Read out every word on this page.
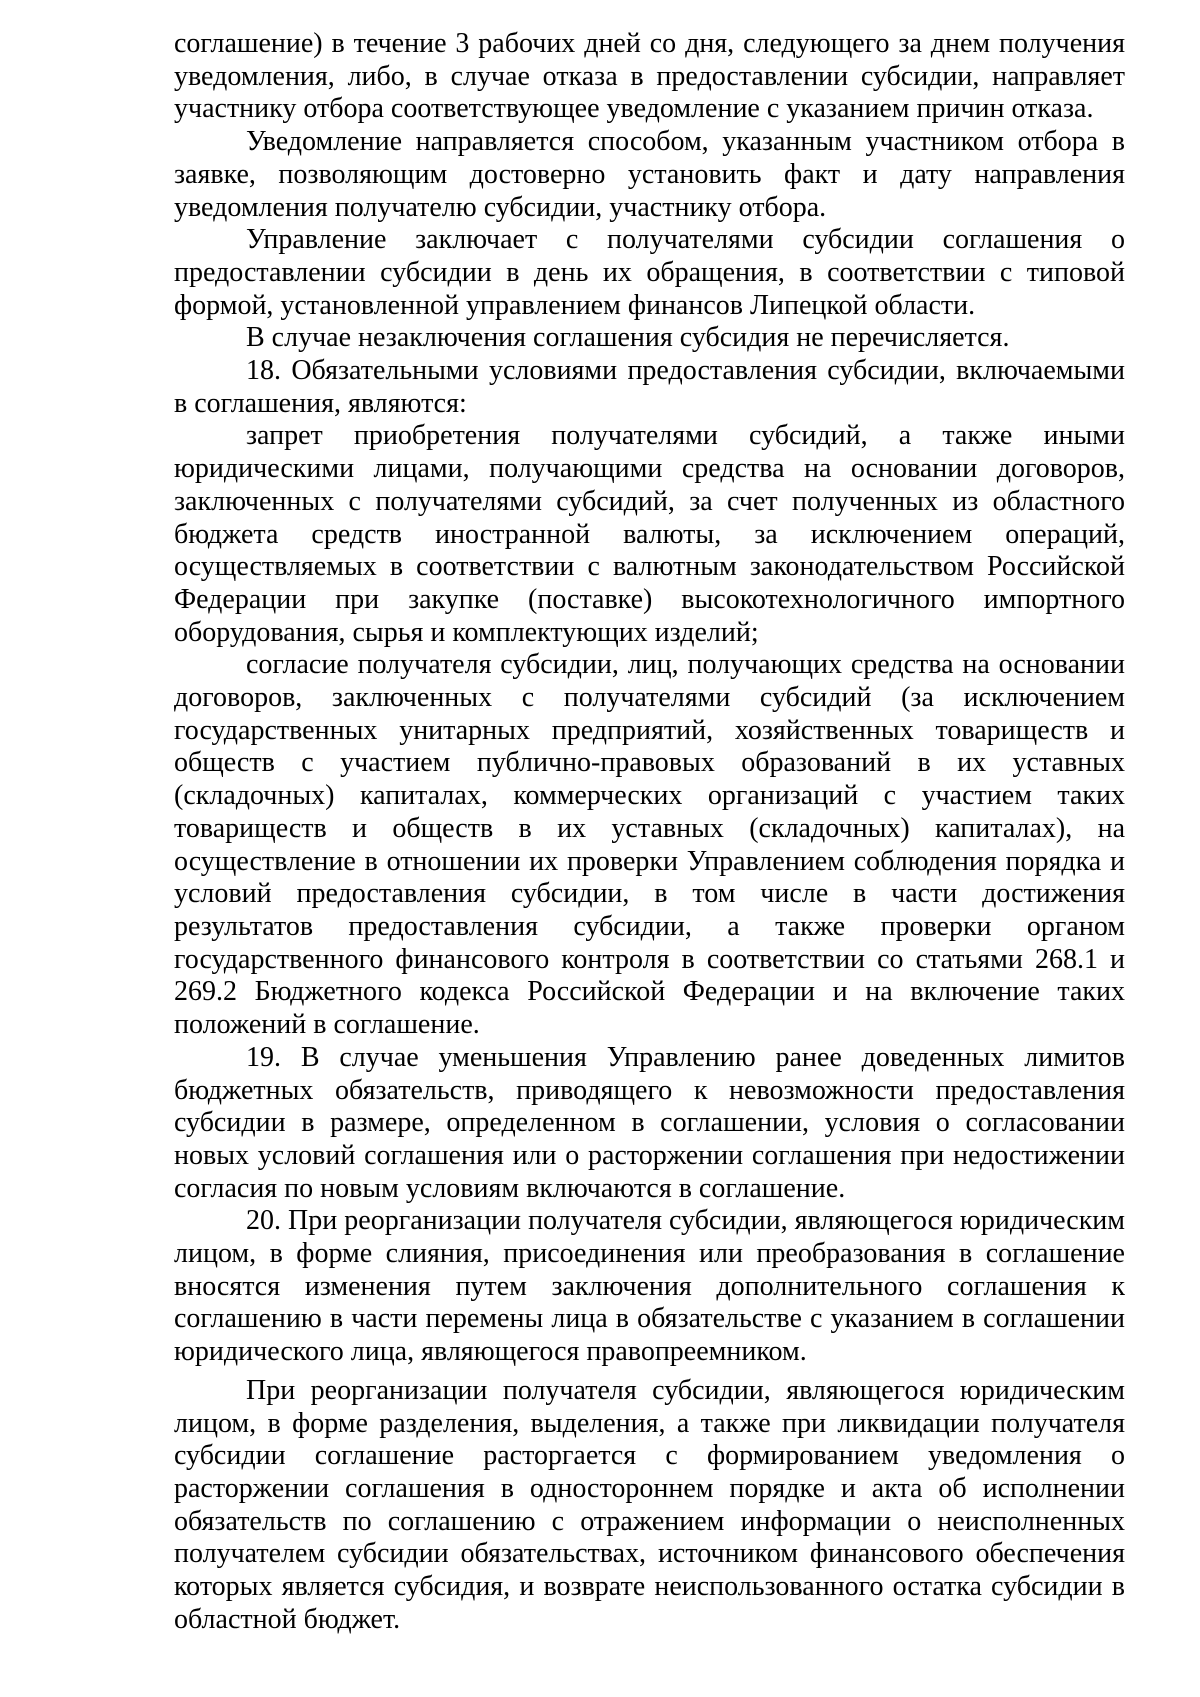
соглашение) в течение 3 рабочих дней со дня, следующего за днем получения уведомления, либо, в случае отказа в предоставлении субсидии, направляет участнику отбора соответствующее уведомление с указанием причин отказа.

Уведомление направляется способом, указанным участником отбора в заявке, позволяющим достоверно установить факт и дату направления уведомления получателю субсидии, участнику отбора.

Управление заключает с получателями субсидии соглашения о предоставлении субсидии в день их обращения, в соответствии с типовой формой, установленной управлением финансов Липецкой области.

В случае незаключения соглашения субсидия не перечисляется.

18. Обязательными условиями предоставления субсидии, включаемыми в соглашения, являются:

запрет приобретения получателями субсидий, а также иными юридическими лицами, получающими средства на основании договоров, заключенных с получателями субсидий, за счет полученных из областного бюджета средств иностранной валюты, за исключением операций, осуществляемых в соответствии с валютным законодательством Российской Федерации при закупке (поставке) высокотехнологичного импортного оборудования, сырья и комплектующих изделий;

согласие получателя субсидии, лиц, получающих средства на основании договоров, заключенных с получателями субсидий (за исключением государственных унитарных предприятий, хозяйственных товариществ и обществ с участием публично-правовых образований в их уставных (складочных) капиталах, коммерческих организаций с участием таких товариществ и обществ в их уставных (складочных) капиталах), на осуществление в отношении их проверки Управлением соблюдения порядка и условий предоставления субсидии, в том числе в части достижения результатов предоставления субсидии, а также проверки органом государственного финансового контроля в соответствии со статьями 268.1 и 269.2 Бюджетного кодекса Российской Федерации и на включение таких положений в соглашение.

19. В случае уменьшения Управлению ранее доведенных лимитов бюджетных обязательств, приводящего к невозможности предоставления субсидии в размере, определенном в соглашении, условия о согласовании новых условий соглашения или о расторжении соглашения при недостижении согласия по новым условиям включаются в соглашение.

20. При реорганизации получателя субсидии, являющегося юридическим лицом, в форме слияния, присоединения или преобразования в соглашение вносятся изменения путем заключения дополнительного соглашения к соглашению в части перемены лица в обязательстве с указанием в соглашении юридического лица, являющегося правопреемником.

При реорганизации получателя субсидии, являющегося юридическим лицом, в форме разделения, выделения, а также при ликвидации получателя субсидии соглашение расторгается с формированием уведомления о расторжении соглашения в одностороннем порядке и акта об исполнении обязательств по соглашению с отражением информации о неисполненных получателем субсидии обязательствах, источником финансового обеспечения которых является субсидия, и возврате неиспользованного остатка субсидии в областной бюджет.
